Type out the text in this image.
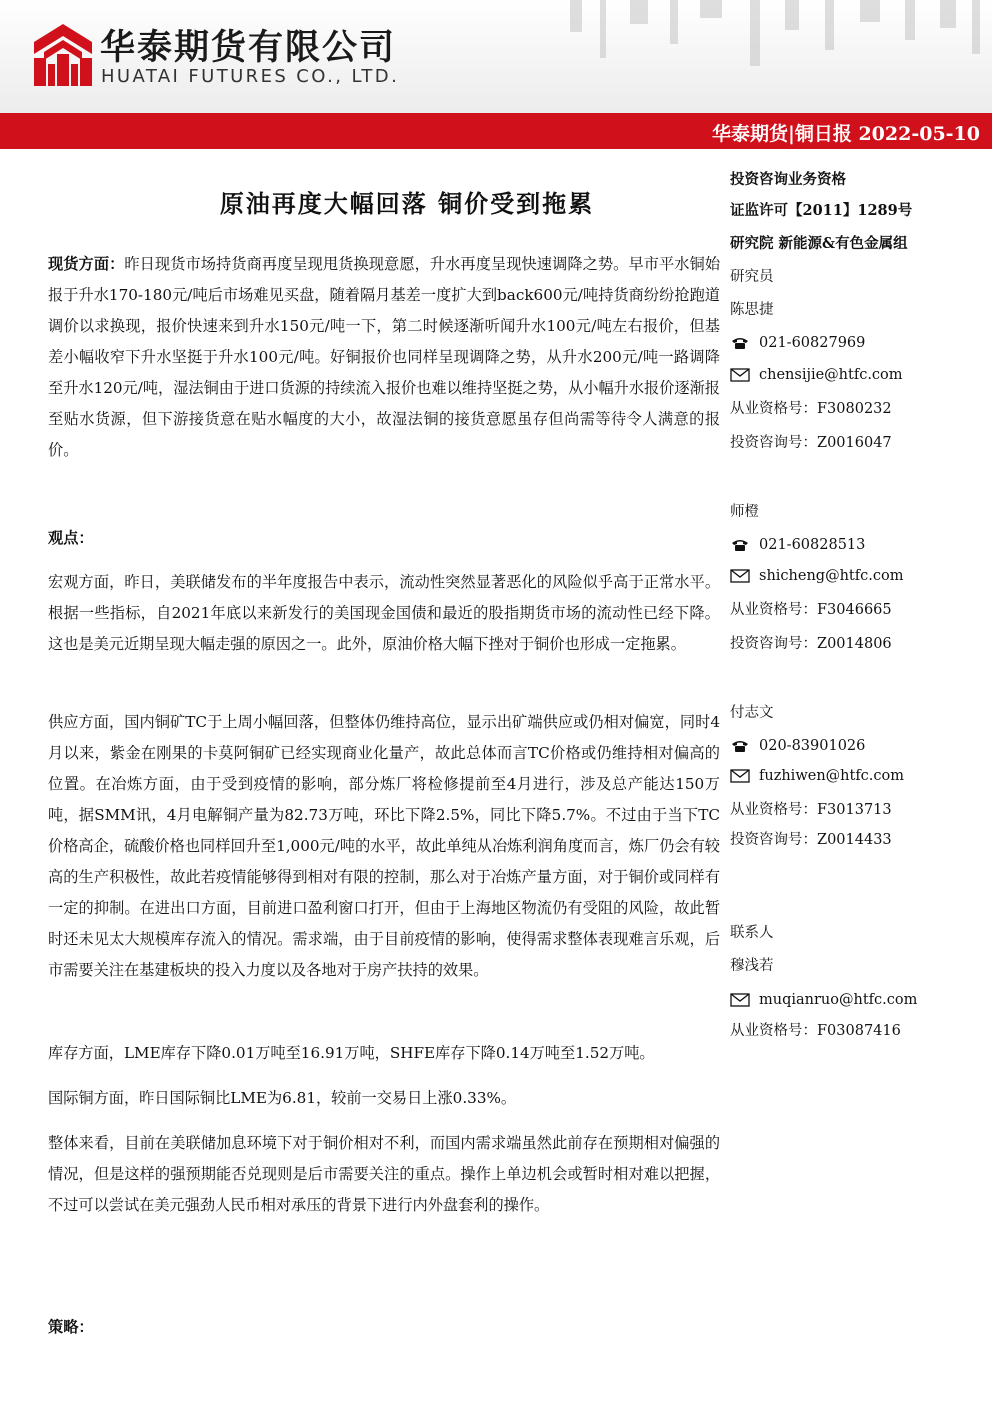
华泰期货有限公司
HUATAI FUTURES CO., LTD.
华泰期货|铜日报 2022-05-10
原油再度大幅回落 铜价受到拖累

现货方面：昨日现货市场持货商再度呈现甩货换现意愿，升水再度呈现快速调降之势。早市平水铜始报于升水170-180元/吨后市场难见买盘，随着隔月基差一度扩大到back600元/吨持货商纷纷抢跑道调价以求换现，报价快速来到升水150元/吨一下，第二时候逐渐听闻升水100元/吨左右报价，但基差小幅收窄下升水坚挺于升水100元/吨。好铜报价也同样呈现调降之势，从升水200元/吨一路调降至升水120元/吨，湿法铜由于进口货源的持续流入报价也难以维持坚挺之势，从小幅升水报价逐渐报至贴水货源，但下游接货意在贴水幅度的大小，故湿法铜的接货意愿虽存但尚需等待令人满意的报价。

观点：

宏观方面，昨日，美联储发布的半年度报告中表示，流动性突然显著恶化的风险似乎高于正常水平。根据一些指标，自2021年底以来新发行的美国现金国债和最近的股指期货市场的流动性已经下降。这也是美元近期呈现大幅走强的原因之一。此外，原油价格大幅下挫对于铜价也形成一定拖累。

供应方面，国内铜矿TC于上周小幅回落，但整体仍维持高位，显示出矿端供应或仍相对偏宽，同时4月以来，紫金在刚果的卡莫阿铜矿已经实现商业化量产，故此总体而言TC价格或仍维持相对偏高的位置。在冶炼方面，由于受到疫情的影响，部分炼厂将检修提前至4月进行，涉及总产能达150万吨，据SMM讯，4月电解铜产量为82.73万吨，环比下降2.5%，同比下降5.7%。不过由于当下TC价格高企，硫酸价格也同样回升至1,000元/吨的水平，故此单纯从冶炼利润角度而言，炼厂仍会有较高的生产积极性，故此若疫情能够得到相对有限的控制，那么对于冶炼产量方面，对于铜价或同样有一定的抑制。在进出口方面，目前进口盈利窗口打开，但由于上海地区物流仍有受阻的风险，故此暂时还未见太大规模库存流入的情况。需求端，由于目前疫情的影响，使得需求整体表现难言乐观，后市需要关注在基建板块的投入力度以及各地对于房产扶持的效果。

库存方面，LME库存下降0.01万吨至16.91万吨，SHFE库存下降0.14万吨至1.52万吨。

国际铜方面，昨日国际铜比LME为6.81，较前一交易日上涨0.33%。

整体来看，目前在美联储加息环境下对于铜价相对不利，而国内需求端虽然此前存在预期相对偏强的情况，但是这样的强预期能否兑现则是后市需要关注的重点。操作上单边机会或暂时相对难以把握，不过可以尝试在美元强劲人民币相对承压的背景下进行内外盘套利的操作。

策略：

投资咨询业务资格
证监许可【2011】1289号
研究院 新能源&有色金属组
研究员
陈思捷
021-60827969
chensijie@htfc.com
从业资格号：F3080232
投资咨询号：Z0016047
师橙
021-60828513
shicheng@htfc.com
从业资格号：F3046665
投资咨询号：Z0014806
付志文
020-83901026
fuzhiwen@htfc.com
从业资格号：F3013713
投资咨询号：Z0014433
联系人
穆浅若
muqianruo@htfc.com
从业资格号：F03087416
